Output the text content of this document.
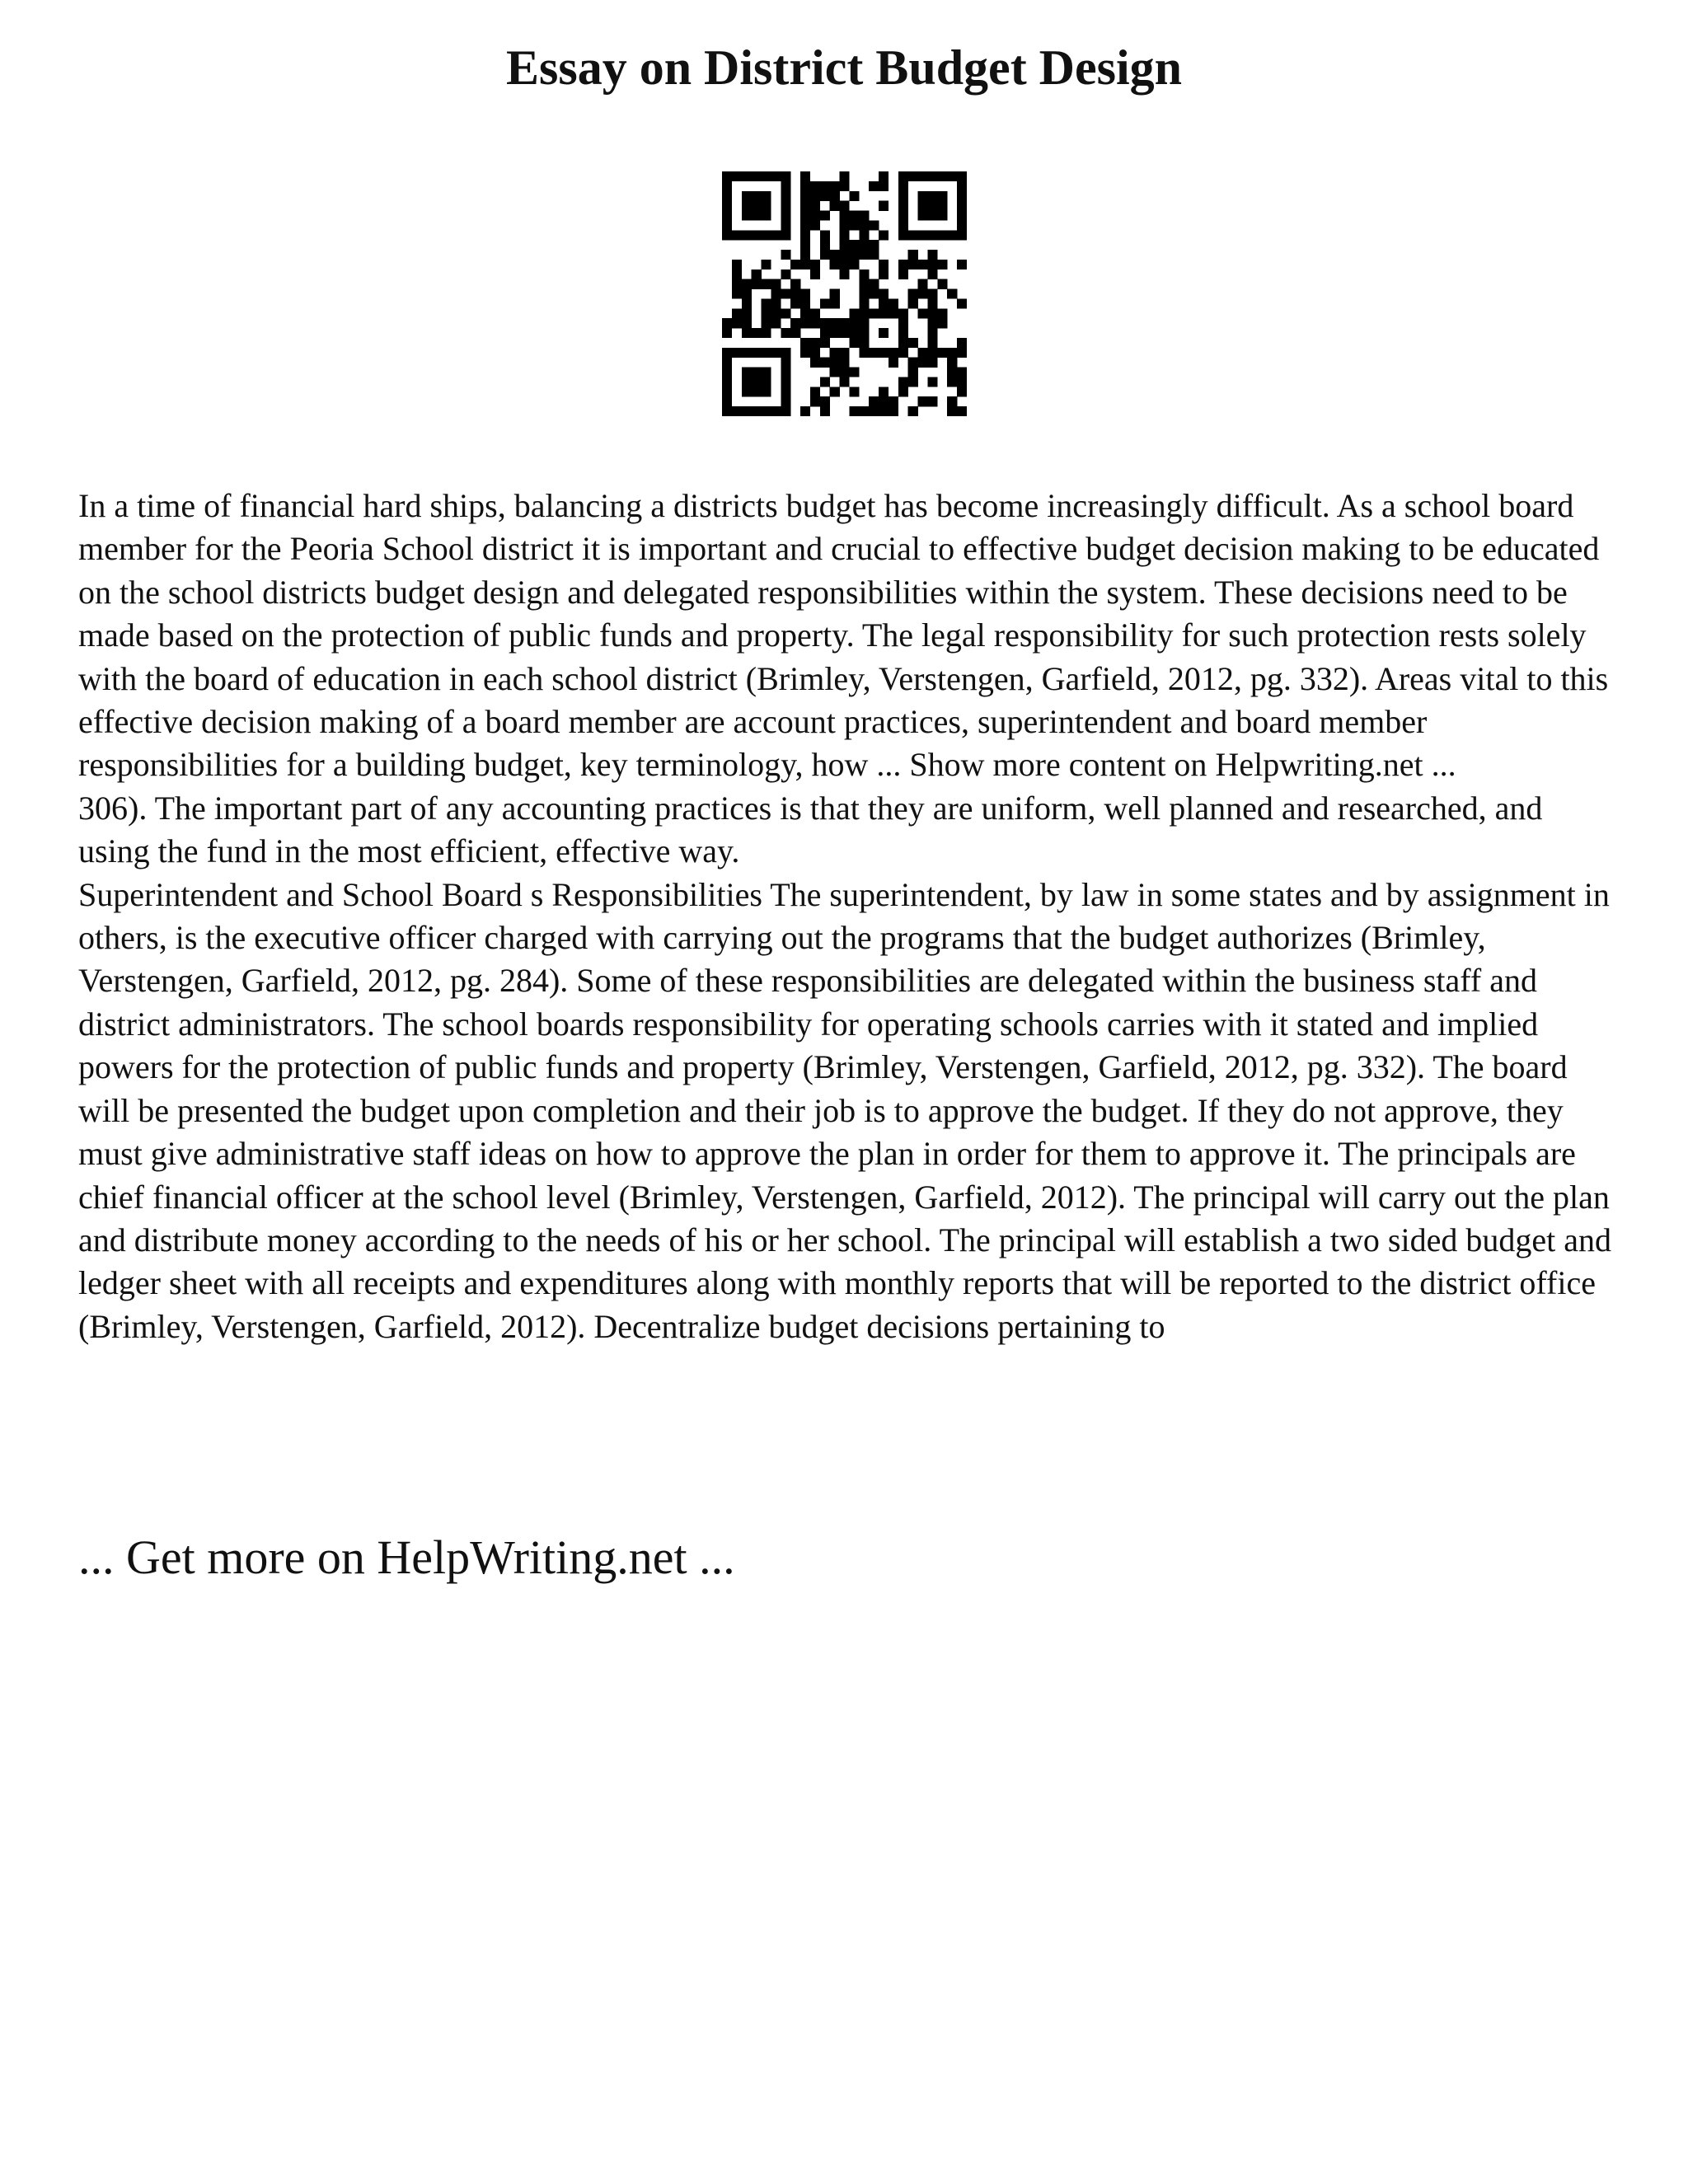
Essay on District Budget Design

In a time of financial hard ships, balancing a districts budget has become increasingly difficult. As a school board member for the Peoria School district it is important and crucial to effective budget decision making to be educated on the school districts budget design and delegated responsibilities within the system. These decisions need to be made based on the protection of public funds and property. The legal responsibility for such protection rests solely with the board of education in each school district (Brimley, Verstengen, Garfield, 2012, pg. 332). Areas vital to this effective decision making of a board member are account practices, superintendent and board member responsibilities for a building budget, key terminology, how ... Show more content on Helpwriting.net ...

306). The important part of any accounting practices is that they are uniform, well planned and researched, and using the fund in the most efficient, effective way.

Superintendent and School Board s Responsibilities The superintendent, by law in some states and by assignment in others, is the executive officer charged with carrying out the programs that the budget authorizes (Brimley, Verstengen, Garfield, 2012, pg. 284). Some of these responsibilities are delegated within the business staff and district administrators. The school boards responsibility for operating schools carries with it stated and implied powers for the protection of public funds and property (Brimley, Verstengen, Garfield, 2012, pg. 332). The board will be presented the budget upon completion and their job is to approve the budget. If they do not approve, they must give administrative staff ideas on how to approve the plan in order for them to approve it. The principals are chief financial officer at the school level (Brimley, Verstengen, Garfield, 2012). The principal will carry out the plan and distribute money according to the needs of his or her school. The principal will establish a two sided budget and ledger sheet with all receipts and expenditures along with monthly reports that will be reported to the district office (Brimley, Verstengen, Garfield, 2012). Decentralize budget decisions pertaining to

... Get more on HelpWriting.net ...
